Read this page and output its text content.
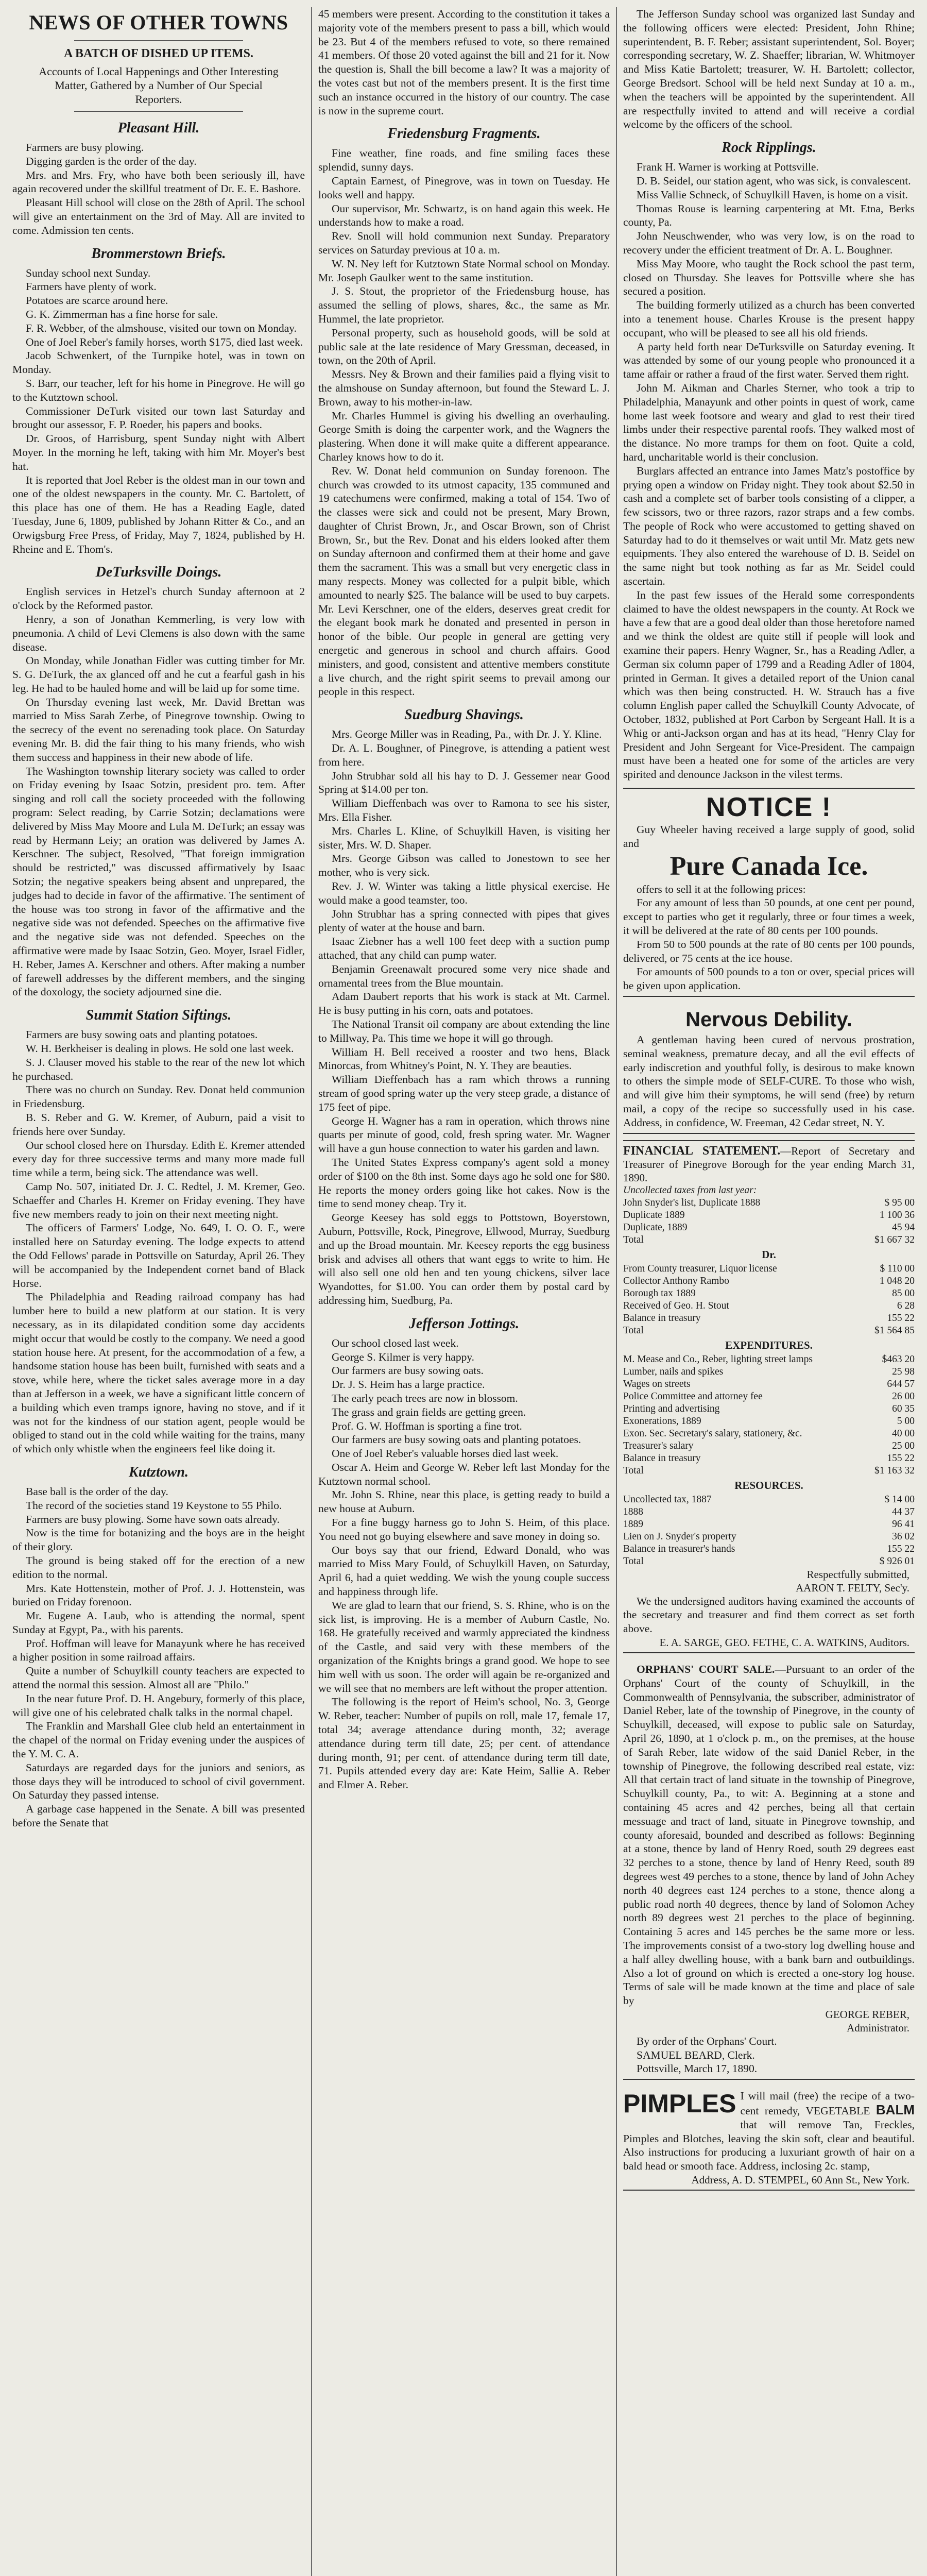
NEWS OF OTHER TOWNS
A BATCH OF DISHED UP ITEMS.
Accounts of Local Happenings and Other Interesting Matter, Gathered by a Number of Our Special Reporters.
Pleasant Hill.

Farmers are busy plowing.

Digging garden is the order of the day.

Mrs. and Mrs. Fry, who have both been seriously ill, have again recovered under the skillful treatment of Dr. E. E. Bashore.

Pleasant Hill school will close on the 28th of April. The school will give an entertainment on the 3rd of May. All are invited to come. Admission ten cents.

Brommerstown Briefs.

Sunday school next Sunday.

Farmers have plenty of work.

Potatoes are scarce around here.

G. K. Zimmerman has a fine horse for sale.

F. R. Webber, of the almshouse, visited our town on Monday.

One of Joel Reber's family horses, worth $175, died last week.

Jacob Schwenkert, of the Turnpike hotel, was in town on Monday.

S. Barr, our teacher, left for his home in Pinegrove. He will go to the Kutztown school.

Commissioner DeTurk visited our town last Saturday and brought our assessor, F. P. Roeder, his papers and books.

Dr. Groos, of Harrisburg, spent Sunday night with Albert Moyer. In the morning he left, taking with him Mr. Moyer's best hat.

It is reported that Joel Reber is the oldest man in our town and one of the oldest newspapers in the county. Mr. C. Bartolett, of this place has one of them. He has a Reading Eagle, dated Tuesday, June 6, 1809, published by Johann Ritter & Co., and an Orwigsburg Free Press, of Friday, May 7, 1824, published by H. Rheine and E. Thom's.

DeTurksville Doings.

English services in Hetzel's church Sunday afternoon at 2 o'clock by the Reformed pastor.

Henry, a son of Jonathan Kemmerling, is very low with pneumonia. A child of Levi Clemens is also down with the same disease.

On Monday, while Jonathan Fidler was cutting timber for Mr. S. G. DeTurk, the ax glanced off and he cut a fearful gash in his leg. He had to be hauled home and will be laid up for some time.

On Thursday evening last week, Mr. David Brettan was married to Miss Sarah Zerbe, of Pinegrove township. Owing to the secrecy of the event no serenading took place. On Saturday evening Mr. B. did the fair thing to his many friends, who wish them success and happiness in their new abode of life.

The Washington township literary society was called to order on Friday evening by Isaac Sotzin, president pro. tem. After singing and roll call the society proceeded with the following program: Select reading, by Carrie Sotzin; declamations were delivered by Miss May Moore and Lula M. DeTurk; an essay was read by Hermann Leiy; an oration was delivered by James A. Kerschner. The subject, Resolved, "That foreign immigration should be restricted," was discussed affirmatively by Isaac Sotzin; the negative speakers being absent and unprepared, the judges had to decide in favor of the affirmative. The sentiment of the house was too strong in favor of the affirmative and the negative side was not defended. Speeches on the affirmative five and the negative side was not defended. Speeches on the affirmative were made by Isaac Sotzin, Geo. Moyer, Israel Fidler, H. Reber, James A. Kerschner and others. After making a number of farewell addresses by the different members, and the singing of the doxology, the society adjourned sine die.

Summit Station Siftings.

Farmers are busy sowing oats and planting potatoes.

W. H. Berkheiser is dealing in plows. He sold one last week.

S. J. Clauser moved his stable to the rear of the new lot which he purchased.

There was no church on Sunday. Rev. Donat held communion in Friedensburg.

B. S. Reber and G. W. Kremer, of Auburn, paid a visit to friends here over Sunday.

Our school closed here on Thursday. Edith E. Kremer attended every day for three successive terms and many more made full time while a term, being sick. The attendance was well.

Camp No. 507, initiated Dr. J. C. Redtel, J. M. Kremer, Geo. Schaeffer and Charles H. Kremer on Friday evening. They have five new members ready to join on their next meeting night.

The officers of Farmers' Lodge, No. 649, I. O. O. F., were installed here on Saturday evening. The lodge expects to attend the Odd Fellows' parade in Pottsville on Saturday, April 26. They will be accompanied by the Independent cornet band of Black Horse.

The Philadelphia and Reading railroad company has had lumber here to build a new platform at our station. It is very necessary, as in its dilapidated condition some day accidents might occur that would be costly to the company. We need a good station house here. At present, for the accommodation of a few, a handsome station house has been built, furnished with seats and a stove, while here, where the ticket sales average more in a day than at Jefferson in a week, we have a significant little concern of a building which even tramps ignore, having no stove, and if it was not for the kindness of our station agent, people would be obliged to stand out in the cold while waiting for the trains, many of which only whistle when the engineers feel like doing it.

Kutztown.

Base ball is the order of the day.

The record of the societies stand 19 Keystone to 55 Philo.

Farmers are busy plowing. Some have sown oats already.

Now is the time for botanizing and the boys are in the height of their glory.

The ground is being staked off for the erection of a new edition to the normal.

Mrs. Kate Hottenstein, mother of Prof. J. J. Hottenstein, was buried on Friday forenoon.

Mr. Eugene A. Laub, who is attending the normal, spent Sunday at Egypt, Pa., with his parents.

Prof. Hoffman will leave for Manayunk where he has received a higher position in some railroad affairs.

Quite a number of Schuylkill county teachers are expected to attend the normal this session. Almost all are "Philo."

In the near future Prof. D. H. Angebury, formerly of this place, will give one of his celebrated chalk talks in the normal chapel.

The Franklin and Marshall Glee club held an entertainment in the chapel of the normal on Friday evening under the auspices of the Y. M. C. A.

Saturdays are regarded days for the juniors and seniors, as those days they will be introduced to school of civil government. On Saturday they passed intense.

A garbage case happened in the Senate. A bill was presented before the Senate that

45 members were present. According to the constitution it takes a majority vote of the members present to pass a bill, which would be 23. But 4 of the members refused to vote, so there remained 41 members. Of those 20 voted against the bill and 21 for it. Now the question is, Shall the bill become a law? It was a majority of the votes cast but not of the members present. It is the first time such an instance occurred in the history of our country. The case is now in the supreme court.

Friedensburg Fragments.

Fine weather, fine roads, and fine smiling faces these splendid, sunny days.

Captain Earnest, of Pinegrove, was in town on Tuesday. He looks well and happy.

Our supervisor, Mr. Schwartz, is on hand again this week. He understands how to make a road.

Rev. Snoll will hold communion next Sunday. Preparatory services on Saturday previous at 10 a. m.

W. N. Ney left for Kutztown State Normal school on Monday. Mr. Joseph Gaulker went to the same institution.

J. S. Stout, the proprietor of the Friedensburg house, has assumed the selling of plows, shares, &c., the same as Mr. Hummel, the late proprietor.

Personal property, such as household goods, will be sold at public sale at the late residence of Mary Gressman, deceased, in town, on the 20th of April.

Messrs. Ney & Brown and their families paid a flying visit to the almshouse on Sunday afternoon, but found the Steward L. J. Brown, away to his mother-in-law.

Mr. Charles Hummel is giving his dwelling an overhauling. George Smith is doing the carpenter work, and the Wagners the plastering. When done it will make quite a different appearance. Charley knows how to do it.

Rev. W. Donat held communion on Sunday forenoon. The church was crowded to its utmost capacity, 135 communed and 19 catechumens were confirmed, making a total of 154. Two of the classes were sick and could not be present, Mary Brown, daughter of Christ Brown, Jr., and Oscar Brown, son of Christ Brown, Sr., but the Rev. Donat and his elders looked after them on Sunday afternoon and confirmed them at their home and gave them the sacrament. This was a small but very energetic class in many respects. Money was collected for a pulpit bible, which amounted to nearly $25. The balance will be used to buy carpets. Mr. Levi Kerschner, one of the elders, deserves great credit for the elegant book mark he donated and presented in person in honor of the bible. Our people in general are getting very energetic and generous in school and church affairs. Good ministers, and good, consistent and attentive members constitute a live church, and the right spirit seems to prevail among our people in this respect.

Suedburg Shavings.

Mrs. George Miller was in Reading, Pa., with Dr. J. Y. Kline.

Dr. A. L. Boughner, of Pinegrove, is attending a patient west from here.

John Strubhar sold all his hay to D. J. Gessemer near Good Spring at $14.00 per ton.

William Dieffenbach was over to Ramona to see his sister, Mrs. Ella Fisher.

Mrs. Charles L. Kline, of Schuylkill Haven, is visiting her sister, Mrs. W. D. Shaper.

Mrs. George Gibson was called to Jonestown to see her mother, who is very sick.

Rev. J. W. Winter was taking a little physical exercise. He would make a good teamster, too.

John Strubhar has a spring connected with pipes that gives plenty of water at the house and barn.

Isaac Ziebner has a well 100 feet deep with a suction pump attached, that any child can pump water.

Benjamin Greenawalt procured some very nice shade and ornamental trees from the Blue mountain.

Adam Daubert reports that his work is stack at Mt. Carmel. He is busy putting in his corn, oats and potatoes.

The National Transit oil company are about extending the line to Millway, Pa. This time we hope it will go through.

William H. Bell received a rooster and two hens, Black Minorcas, from Whitney's Point, N. Y. They are beauties.

William Dieffenbach has a ram which throws a running stream of good spring water up the very steep grade, a distance of 175 feet of pipe.

George H. Wagner has a ram in operation, which throws nine quarts per minute of good, cold, fresh spring water. Mr. Wagner will have a gun house connection to water his garden and lawn.

The United States Express company's agent sold a money order of $100 on the 8th inst. Some days ago he sold one for $80. He reports the money orders going like hot cakes. Now is the time to send money cheap. Try it.

George Keesey has sold eggs to Pottstown, Boyerstown, Auburn, Pottsville, Rock, Pinegrove, Ellwood, Murray, Suedburg and up the Broad mountain. Mr. Keesey reports the egg business brisk and advises all others that want eggs to write to him. He will also sell one old hen and ten young chickens, silver lace Wyandottes, for $1.00. You can order them by postal card by addressing him, Suedburg, Pa.

Jefferson Jottings.

Our school closed last week.

George S. Kilmer is very happy.

Our farmers are busy sowing oats.

Dr. J. S. Heim has a large practice.

The early peach trees are now in blossom.

The grass and grain fields are getting green.

Prof. G. W. Hoffman is sporting a fine trot.

Our farmers are busy sowing oats and planting potatoes.

One of Joel Reber's valuable horses died last week.

Oscar A. Heim and George W. Reber left last Monday for the Kutztown normal school.

Mr. John S. Rhine, near this place, is getting ready to build a new house at Auburn.

For a fine buggy harness go to John S. Heim, of this place. You need not go buying elsewhere and save money in doing so.

Our boys say that our friend, Edward Donald, who was married to Miss Mary Fould, of Schuylkill Haven, on Saturday, April 6, had a quiet wedding. We wish the young couple success and happiness through life.

We are glad to learn that our friend, S. S. Rhine, who is on the sick list, is improving. He is a member of Auburn Castle, No. 168. He gratefully received and warmly appreciated the kindness of the Castle, and said very with these members of the organization of the Knights brings a grand good. We hope to see him well with us soon. The order will again be re-organized and we will see that no members are left without the proper attention.

The following is the report of Heim's school, No. 3, George W. Reber, teacher: Number of pupils on roll, male 17, female 17, total 34; average attendance during month, 32; average attendance during term till date, 25; per cent. of attendance during month, 91; per cent. of attendance during term till date, 71. Pupils attended every day are: Kate Heim, Sallie A. Reber and Elmer A. Reber.

The Jefferson Sunday school was organized last Sunday and the following officers were elected: President, John Rhine; superintendent, B. F. Reber; assistant superintendent, Sol. Boyer; corresponding secretary, W. Z. Shaeffer; librarian, W. Whitmoyer and Miss Katie Bartolett; treasurer, W. H. Bartolett; collector, George Bredsort. School will be held next Sunday at 10 a. m., when the teachers will be appointed by the superintendent. All are respectfully invited to attend and will receive a cordial welcome by the officers of the school.

Rock Ripplings.

Frank H. Warner is working at Pottsville.

D. B. Seidel, our station agent, who was sick, is convalescent.

Miss Vallie Schneck, of Schuylkill Haven, is home on a visit.

Thomas Rouse is learning carpentering at Mt. Etna, Berks county, Pa.

John Neuschwender, who was very low, is on the road to recovery under the efficient treatment of Dr. A. L. Boughner.

Miss May Moore, who taught the Rock school the past term, closed on Thursday. She leaves for Pottsville where she has secured a position.

The building formerly utilized as a church has been converted into a tenement house. Charles Krouse is the present happy occupant, who will be pleased to see all his old friends.

A party held forth near DeTurksville on Saturday evening. It was attended by some of our young people who pronounced it a tame affair or rather a fraud of the first water. Served them right.

John M. Aikman and Charles Sterner, who took a trip to Philadelphia, Manayunk and other points in quest of work, came home last week footsore and weary and glad to rest their tired limbs under their respective parental roofs. They walked most of the distance. No more tramps for them on foot. Quite a cold, hard, uncharitable world is their conclusion.

Burglars affected an entrance into James Matz's postoffice by prying open a window on Friday night. They took about $2.50 in cash and a complete set of barber tools consisting of a clipper, a few scissors, two or three razors, razor straps and a few combs. The people of Rock who were accustomed to getting shaved on Saturday had to do it themselves or wait until Mr. Matz gets new equipments. They also entered the warehouse of D. B. Seidel on the same night but took nothing as far as Mr. Seidel could ascertain.

In the past few issues of the Herald some correspondents claimed to have the oldest newspapers in the county. At Rock we have a few that are a good deal older than those heretofore named and we think the oldest are quite still if people will look and examine their papers. Henry Wagner, Sr., has a Reading Adler, a German six column paper of 1799 and a Reading Adler of 1804, printed in German. It gives a detailed report of the Union canal which was then being constructed. H. W. Strauch has a five column English paper called the Schuylkill County Advocate, of October, 1832, published at Port Carbon by Sergeant Hall. It is a Whig or anti-Jackson organ and has at its head, "Henry Clay for President and John Sergeant for Vice-President. The campaign must have been a heated one for some of the articles are very spirited and denounce Jackson in the vilest terms.

NOTICE !

Guy Wheeler having received a large supply of good, solid and

Pure Canada Ice.

offers to sell it at the following prices:

For any amount of less than 50 pounds, at one cent per pound, except to parties who get it regularly, three or four times a week, it will be delivered at the rate of 80 cents per 100 pounds.

From 50 to 500 pounds at the rate of 80 cents per 100 pounds, delivered, or 75 cents at the ice house.

For amounts of 500 pounds to a ton or over, special prices will be given upon application.

Nervous Debility.

A gentleman having been cured of nervous prostration, seminal weakness, premature decay, and all the evil effects of early indiscretion and youthful folly, is desirous to make known to others the simple mode of SELF-CURE. To those who wish, and will give him their symptoms, he will send (free) by return mail, a copy of the recipe so successfully used in his case. Address, in confidence, W. Freeman, 42 Cedar street, N. Y.

FINANCIAL STATEMENT.—Report of Secretary and Treasurer of Pinegrove Borough for the year ending March 31, 1890.
Uncollected taxes from last year:
John Snyder's list, Duplicate 1888	$ 95 00
Duplicate 1889	1 100 36
Duplicate, 1889	45 94
Total	$1 667 32
Dr.
From County treasurer, Liquor license	$ 110 00
Collector Anthony Rambo	1 048 20
Borough tax 1889	85 00
Received of Geo. H. Stout	6 28
Balance in treasury	155 22
Total	$1 564 85
EXPENDITURES.
M. Mease and Co., Reber, lighting street lamps	$463 20
Lumber, nails and spikes	25 98
Wages on streets	644 57
Police Committee and attorney fee	26 00
Printing and advertising	60 35
Exonerations, 1889	5 00
Exon. Sec. Secretary's salary, stationery, &c.	40 00
Treasurer's salary	25 00
Balance in treasury	155 22
Total	$1 163 32
RESOURCES.
Uncollected tax, 1887	$ 14 00
1888	44 37
1889	96 41
Lien on J. Snyder's property	36 02
Balance in treasurer's hands	155 22
Total	$ 926 01
Respectfully submitted,
AARON T. FELTY, Sec'y.

We the undersigned auditors having examined the accounts of the secretary and treasurer and find them correct as set forth above.

E. A. SARGE, GEO. FETHE, C. A. WATKINS, Auditors.

ORPHANS' COURT SALE.—Pursuant to an order of the Orphans' Court of the county of Schuylkill, in the Commonwealth of Pennsylvania, the subscriber, administrator of Daniel Reber, late of the township of Pinegrove, in the county of Schuylkill, deceased, will expose to public sale on Saturday, April 26, 1890, at 1 o'clock p. m., on the premises, at the house of Sarah Reber, late widow of the said Daniel Reber, in the township of Pinegrove, the following described real estate, viz: All that certain tract of land situate in the township of Pinegrove, Schuylkill county, Pa., to wit: A. Beginning at a stone and containing 45 acres and 42 perches, being all that certain messuage and tract of land, situate in Pinegrove township, and county aforesaid, bounded and described as follows: Beginning at a stone, thence by land of Henry Roed, south 29 degrees east 32 perches to a stone, thence by land of Henry Reed, south 89 degrees west 49 perches to a stone, thence by land of John Achey north 40 degrees east 124 perches to a stone, thence along a public road north 40 degrees, thence by land of Solomon Achey north 89 degrees west 21 perches to the place of beginning. Containing 5 acres and 145 perches be the same more or less. The improvements consist of a two-story log dwelling house and a half alley dwelling house, with a bank barn and outbuildings. Also a lot of ground on which is erected a one-story log house. Terms of sale will be made known at the time and place of sale by

GEORGE REBER,
Administrator.

By order of the Orphans' Court.

SAMUEL BEARD, Clerk.

Pottsville, March 17, 1890.

PIMPLES I will mail (free) the recipe of a two-cent remedy, VEGETABLE BALM that will remove Tan, Freckles, Pimples and Blotches, leaving the skin soft, clear and beautiful. Also instructions for producing a luxuriant growth of hair on a bald head or smooth face. Address, inclosing 2c. stamp,

Address, A. D. STEMPEL, 60 Ann St., New York.
